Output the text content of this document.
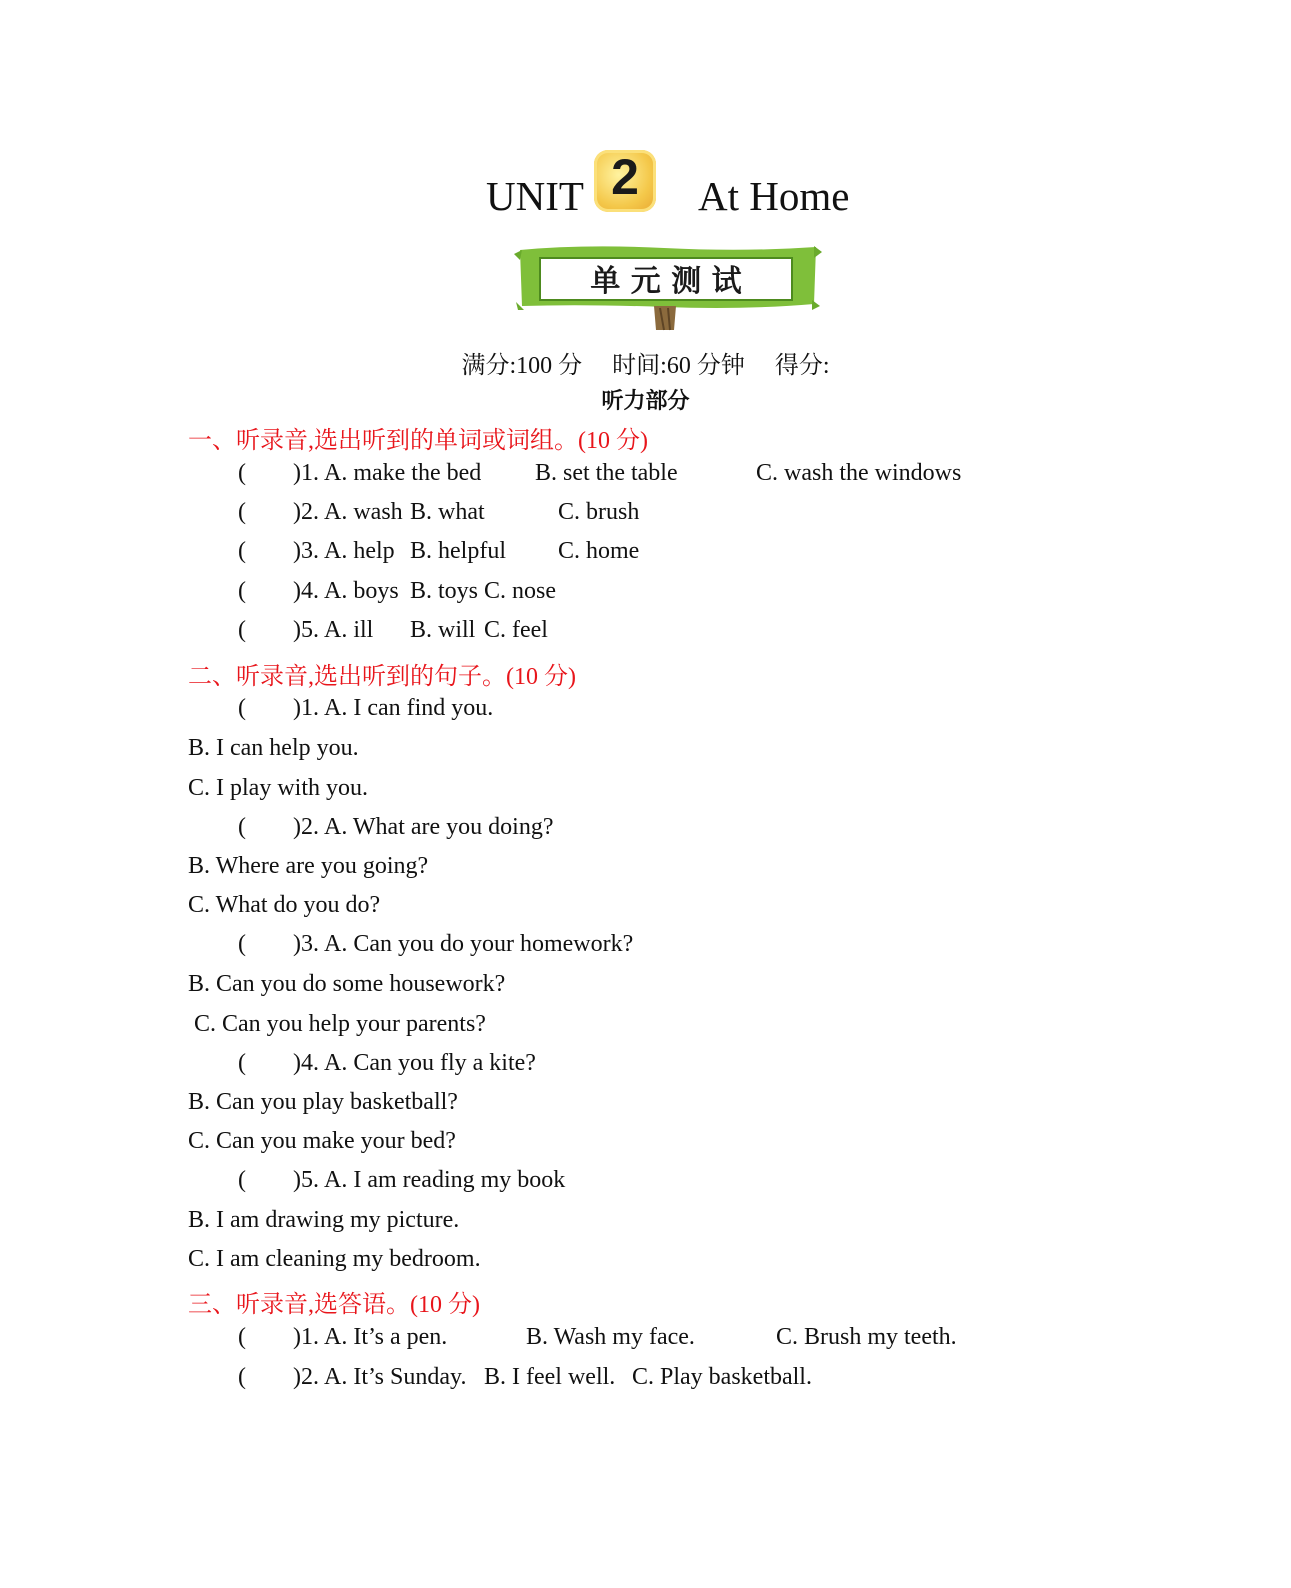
UNIT 2	At Home
单 元 测 试
满分:100 分 时间:60 分钟 得分:
听力部分
一、听录音,选出听到的单词或词组。(10 分)
( )1. A. make the bed B. set the table	C. wash the windows
( )2. A. wash B. what	C. brush
( )3. A. help B. helpful C. home
( )4. A. boys B. toys C. nose
( )5. A. ill B. will C. feel
二、听录音,选出听到的句子。(10 分)
( )1. A. I can find you.
B. I can help you.
C. I play with you.
( )2. A. What are you doing?
B. Where are you going?
C. What do you do?
( )3. A. Can you do your homework?
B. Can you do some housework?
C. Can you help your parents?
( )4. A. Can you fly a kite?
B. Can you play basketball?
C. Can you make your bed?
( )5. A. I am reading my book
B. I am drawing my picture.
C. I am cleaning my bedroom.
三、听录音,选答语。(10 分)
( )1. A. It’s a pen.	B. Wash my face.	C. Brush my teeth.
( )2. A. It’s Sunday. B. I feel well. C. Play basketball.
